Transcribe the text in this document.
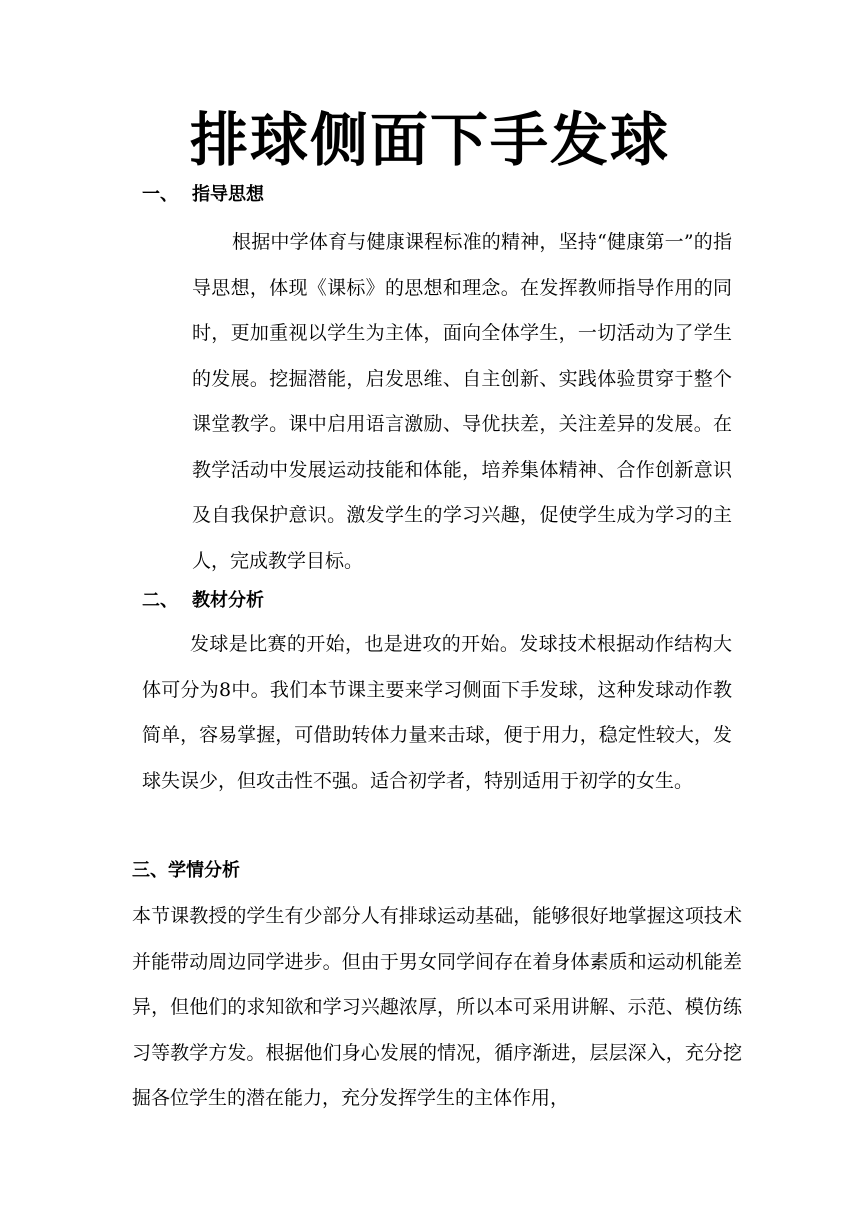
排球侧面下手发球
一、 指导思想

根据中学体育与健康课程标准的精神，坚持“健康第一”的指导思想，体现《课标》的思想和理念。在发挥教师指导作用的同时，更加重视以学生为主体，面向全体学生，一切活动为了学生的发展。挖掘潜能，启发思维、自主创新、实践体验贯穿于整个课堂教学。课中启用语言激励、导优扶差，关注差异的发展。在教学活动中发展运动技能和体能，培养集体精神、合作创新意识及自我保护意识。激发学生的学习兴趣，促使学生成为学习的主人，完成教学目标。

二、 教材分析

发球是比赛的开始，也是进攻的开始。发球技术根据动作结构大体可分为8中。我们本节课主要来学习侧面下手发球，这种发球动作教简单，容易掌握，可借助转体力量来击球，便于用力，稳定性较大，发球失误少，但攻击性不强。适合初学者，特别适用于初学的女生。

三、学情分析

本节课教授的学生有少部分人有排球运动基础，能够很好地掌握这项技术并能带动周边同学进步。但由于男女同学间存在着身体素质和运动机能差异，但他们的求知欲和学习兴趣浓厚，所以本可采用讲解、示范、模仿练习等教学方发。根据他们身心发展的情况，循序渐进，层层深入，充分挖掘各位学生的潜在能力，充分发挥学生的主体作用，
